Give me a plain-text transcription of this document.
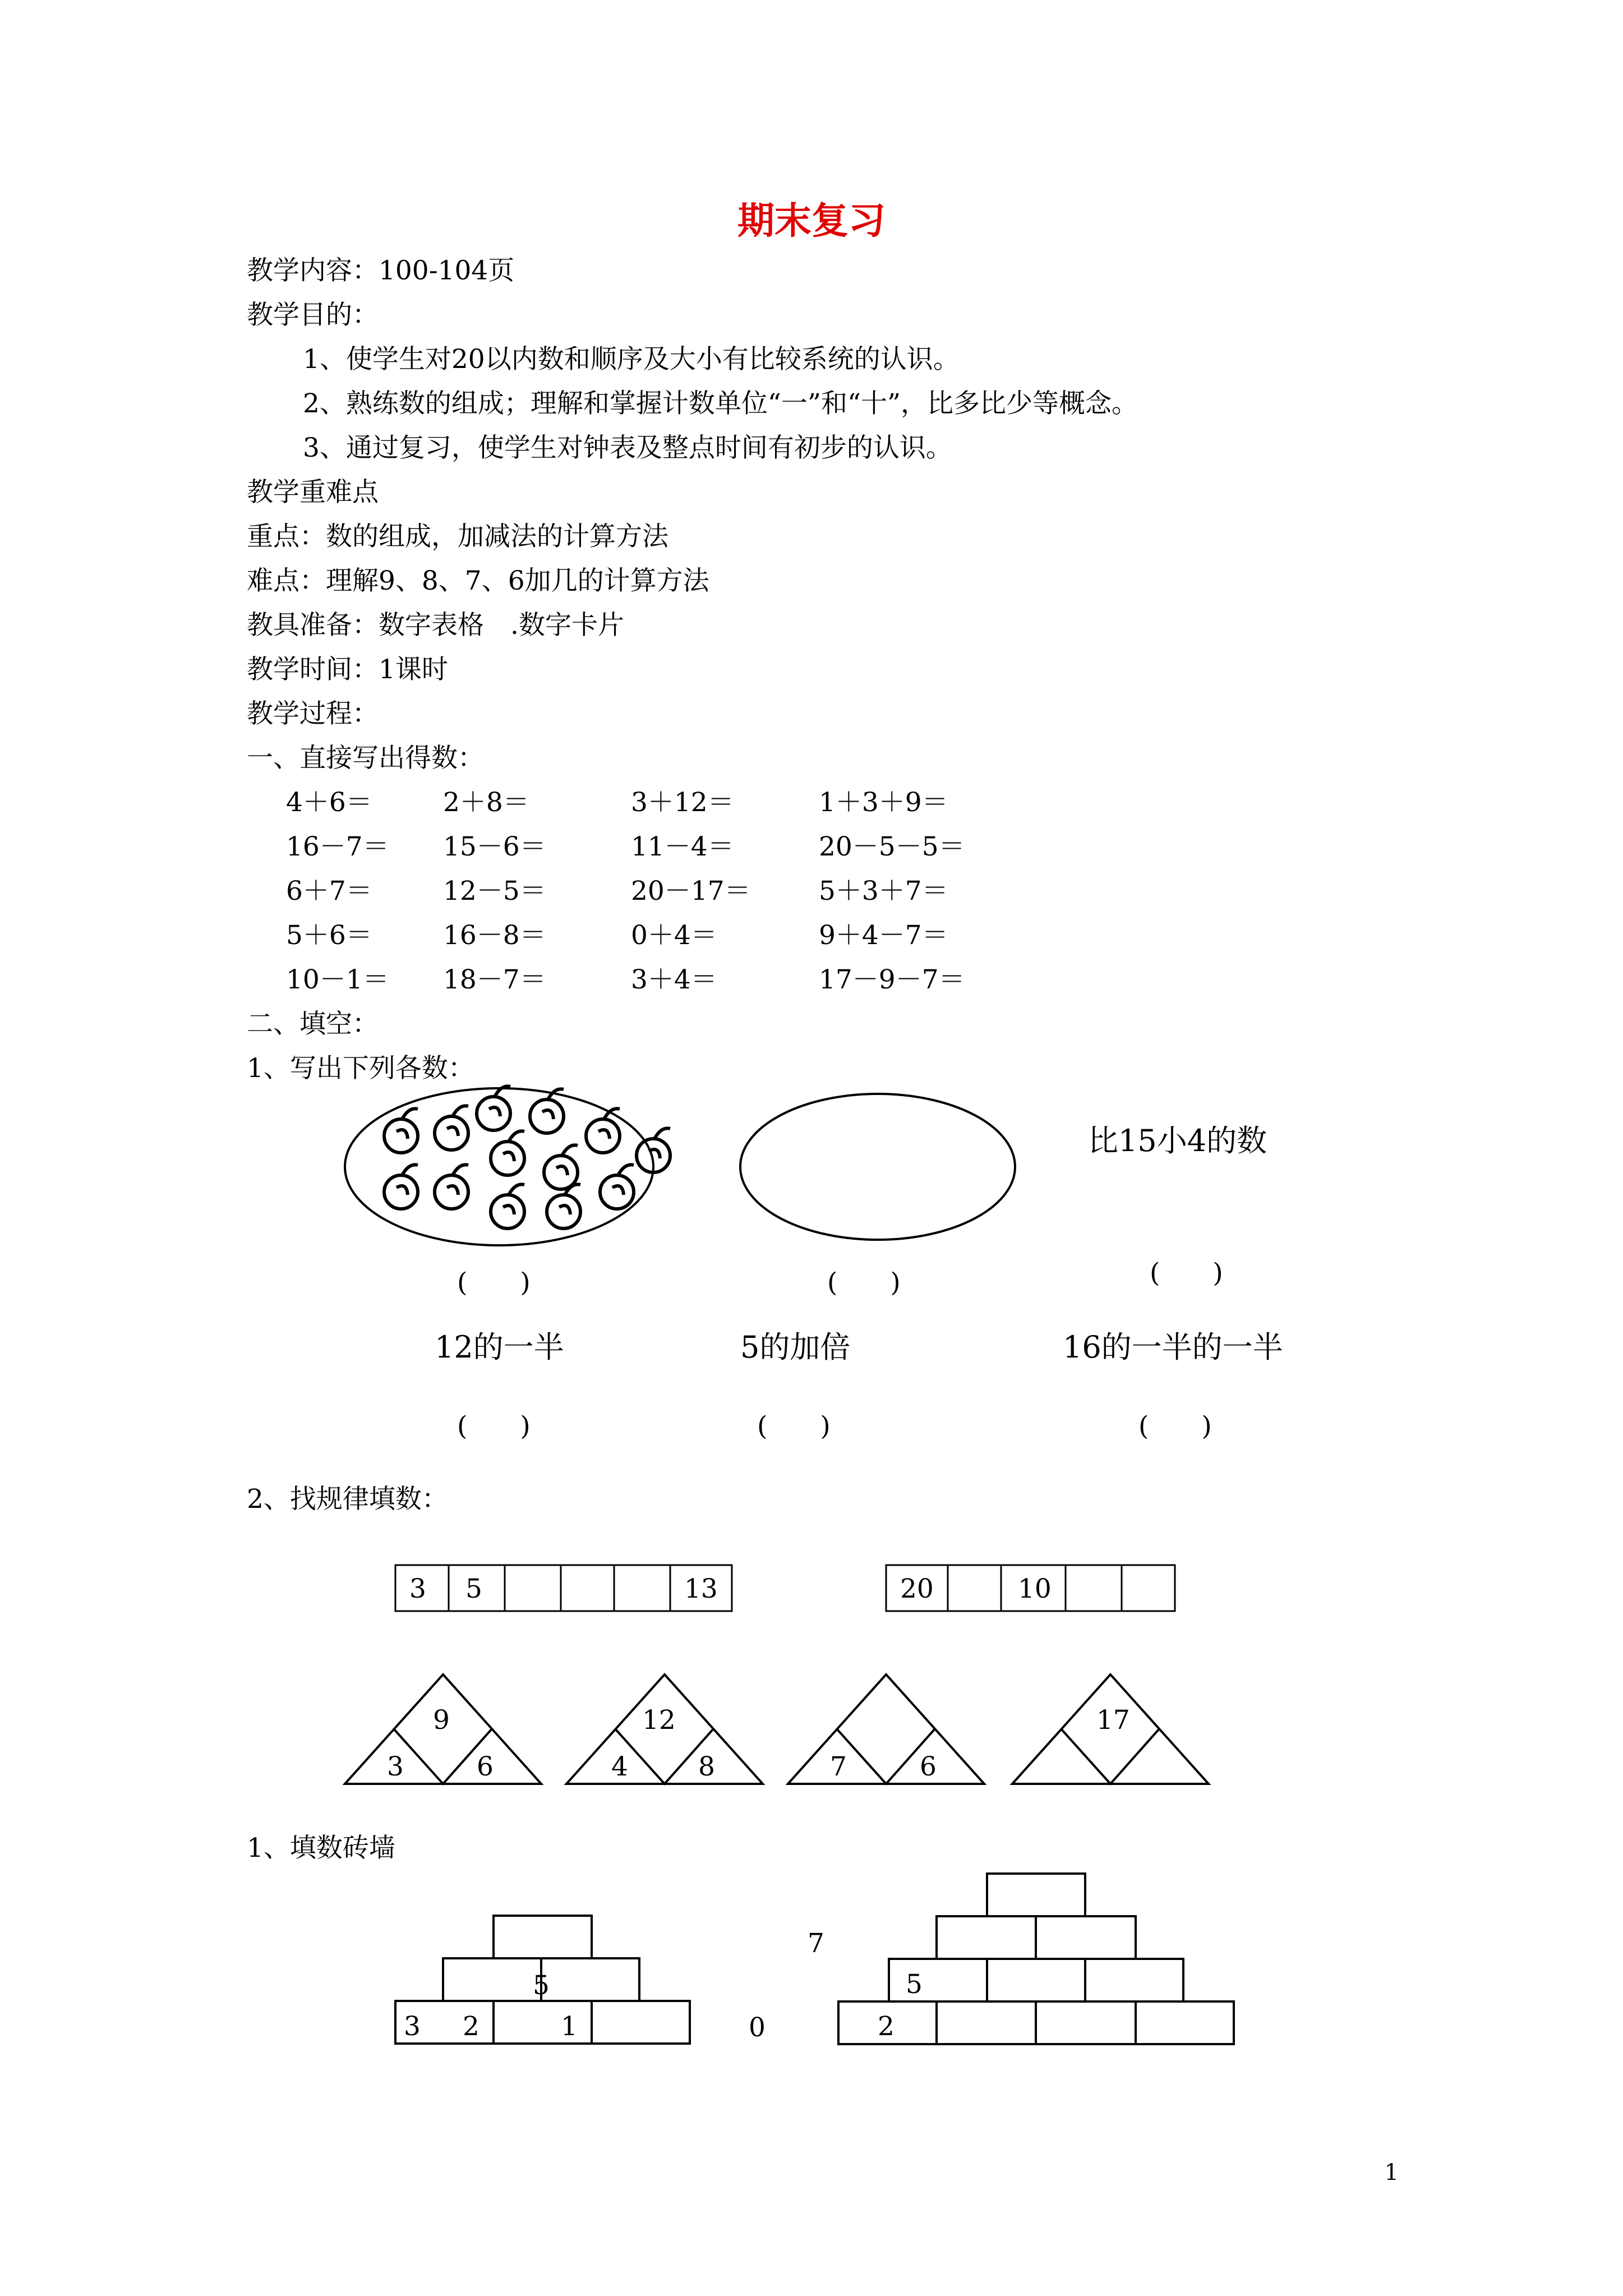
期末复习
教学内容：100-104页
教学目的：
1、使学生对20以内数和顺序及大小有比较系统的认识。
2、熟练数的组成；理解和掌握计数单位“一”和“十”，比多比少等概念。
3、通过复习，使学生对钟表及整点时间有初步的认识。
教学重难点
重点：数的组成，加减法的计算方法
难点：理解9、8、7、6加几的计算方法
教具准备：数字表格　.数字卡片
教学时间：1课时
教学过程：
一、直接写出得数：
4＋6＝	2＋8＝	3＋12＝	1＋3＋9＝
16－7＝ 15－6＝	11－4＝	20－5－5＝
6＋7＝	12－5＝	20－17＝	5＋3＋7＝
5＋6＝	16－8＝	0＋4＝	9＋4－7＝
10－1＝ 18－7＝	3＋4＝	17－9－7＝
二、填空：
1、写出下列各数：
比15小4的数
(　　)	(　　)	(　　)
12的一半	5的加倍	16的一半的一半
(　　)	(　　)	(　　)
2、找规律填数：
3 5	13	20	10
9
3	6
12
4	8	7	6
17
1、填数砖墙
5
3 2	1	0
7
5
2
1
